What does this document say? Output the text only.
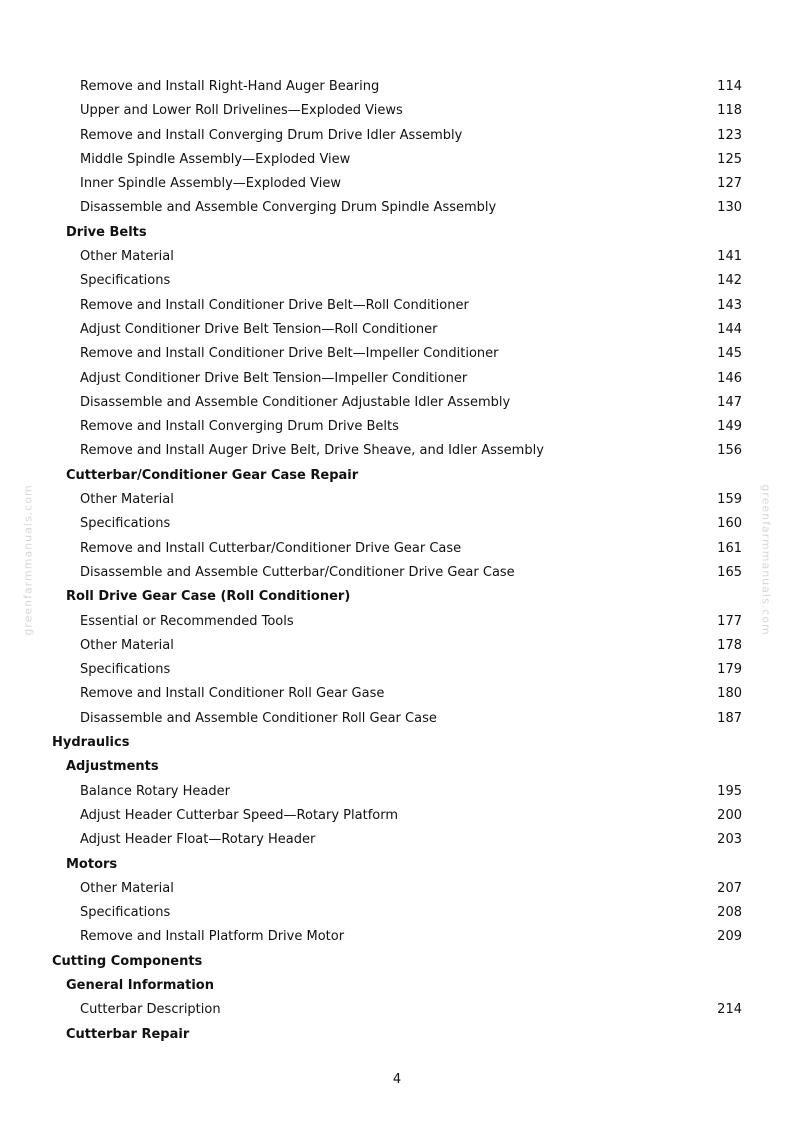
greenfarmmanuals.com	greenfarmmanuals.com
Remove and Install Right-Hand Auger Bearing	114
Upper and Lower Roll Drivelines—Exploded Views	118
Remove and Install Converging Drum Drive Idler Assembly	123
Middle Spindle Assembly—Exploded View	125
Inner Spindle Assembly—Exploded View	127
Disassemble and Assemble Converging Drum Spindle Assembly	130
Drive Belts
Other Material	141
Specifications	142
Remove and Install Conditioner Drive Belt—Roll Conditioner	143
Adjust Conditioner Drive Belt Tension—Roll Conditioner	144
Remove and Install Conditioner Drive Belt—Impeller Conditioner	145
Adjust Conditioner Drive Belt Tension—Impeller Conditioner	146
Disassemble and Assemble Conditioner Adjustable Idler Assembly	147
Remove and Install Converging Drum Drive Belts	149
Remove and Install Auger Drive Belt, Drive Sheave, and Idler Assembly	156
Cutterbar/Conditioner Gear Case Repair
Other Material	159
Specifications	160
Remove and Install Cutterbar/Conditioner Drive Gear Case	161
Disassemble and Assemble Cutterbar/Conditioner Drive Gear Case	165
Roll Drive Gear Case (Roll Conditioner)
Essential or Recommended Tools	177
Other Material	178
Specifications	179
Remove and Install Conditioner Roll Gear Gase	180
Disassemble and Assemble Conditioner Roll Gear Case	187
Hydraulics
Adjustments
Balance Rotary Header	195
Adjust Header Cutterbar Speed—Rotary Platform	200
Adjust Header Float—Rotary Header	203
Motors
Other Material	207
Specifications	208
Remove and Install Platform Drive Motor	209
Cutting Components
General Information
Cutterbar Description	214
Cutterbar Repair
4
